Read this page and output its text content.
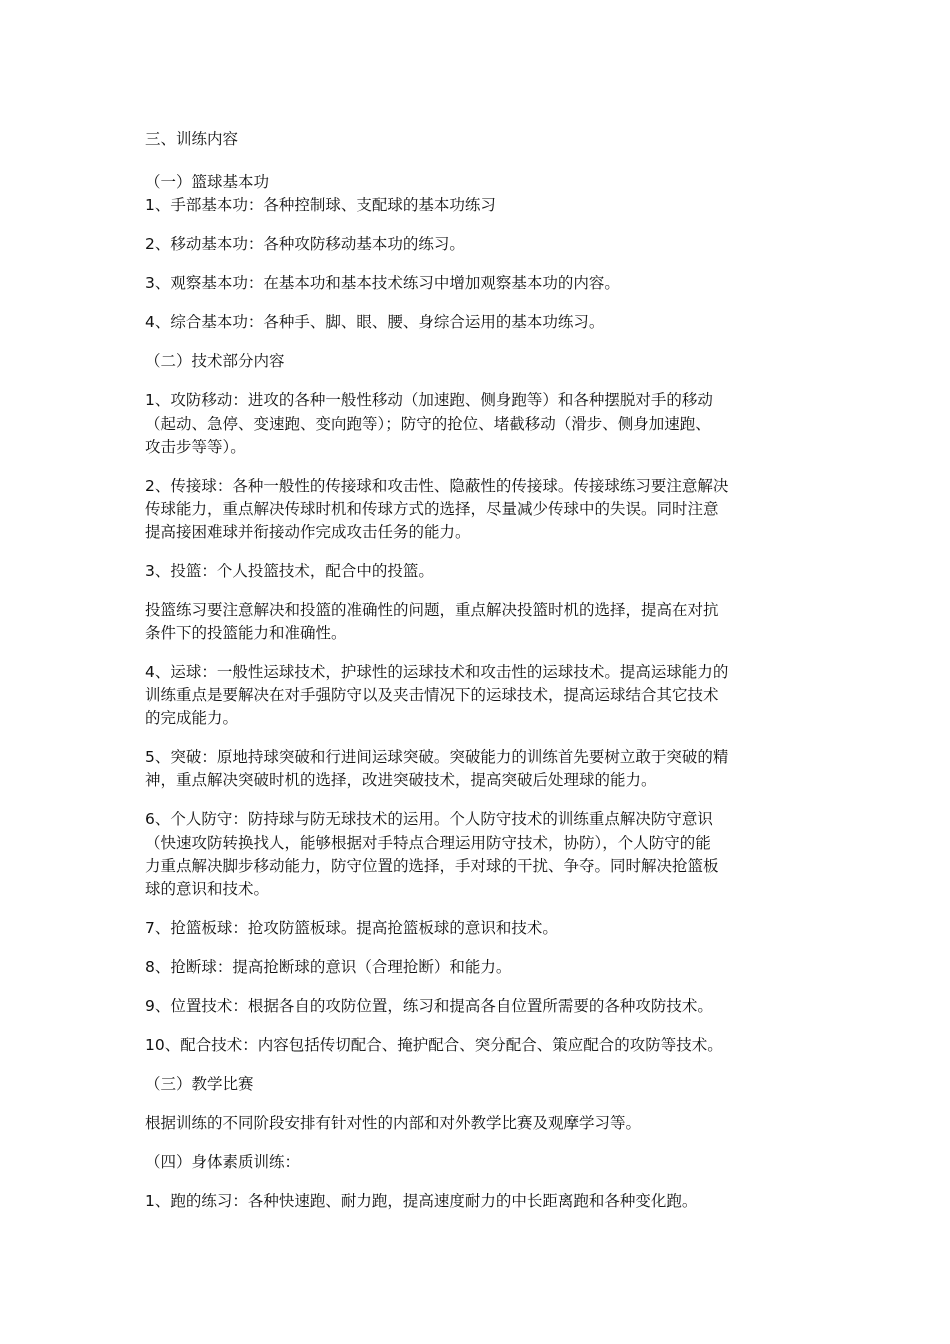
三、训练内容
（一）篮球基本功
1、手部基本功：各种控制球、支配球的基本功练习
2、移动基本功：各种攻防移动基本功的练习。
3、观察基本功：在基本功和基本技术练习中增加观察基本功的内容。
4、综合基本功：各种手、脚、眼、腰、身综合运用的基本功练习。
（二）技术部分内容
1、攻防移动：进攻的各种一般性移动（加速跑、侧身跑等）和各种摆脱对手的移动
（起动、急停、变速跑、变向跑等）；防守的抢位、堵截移动（滑步、侧身加速跑、
攻击步等等）。
2、传接球：各种一般性的传接球和攻击性、隐蔽性的传接球。传接球练习要注意解决
传球能力，重点解决传球时机和传球方式的选择，尽量减少传球中的失误。同时注意
提高接困难球并衔接动作完成攻击任务的能力。
3、投篮：个人投篮技术，配合中的投篮。
投篮练习要注意解决和投篮的准确性的问题，重点解决投篮时机的选择，提高在对抗
条件下的投篮能力和准确性。
4、运球：一般性运球技术，护球性的运球技术和攻击性的运球技术。提高运球能力的
训练重点是要解决在对手强防守以及夹击情况下的运球技术，提高运球结合其它技术
的完成能力。
5、突破：原地持球突破和行进间运球突破。突破能力的训练首先要树立敢于突破的精
神，重点解决突破时机的选择，改进突破技术，提高突破后处理球的能力。
6、个人防守：防持球与防无球技术的运用。个人防守技术的训练重点解决防守意识
（快速攻防转换找人，能够根据对手特点合理运用防守技术，协防），个人防守的能
力重点解决脚步移动能力，防守位置的选择，手对球的干扰、争夺。同时解决抢篮板
球的意识和技术。
7、抢篮板球：抢攻防篮板球。提高抢篮板球的意识和技术。
8、抢断球：提高抢断球的意识（合理抢断）和能力。
9、位置技术：根据各自的攻防位置，练习和提高各自位置所需要的各种攻防技术。
10、配合技术：内容包括传切配合、掩护配合、突分配合、策应配合的攻防等技术。
（三）教学比赛
根据训练的不同阶段安排有针对性的内部和对外教学比赛及观摩学习等。
（四）身体素质训练：
1、跑的练习：各种快速跑、耐力跑，提高速度耐力的中长距离跑和各种变化跑。
